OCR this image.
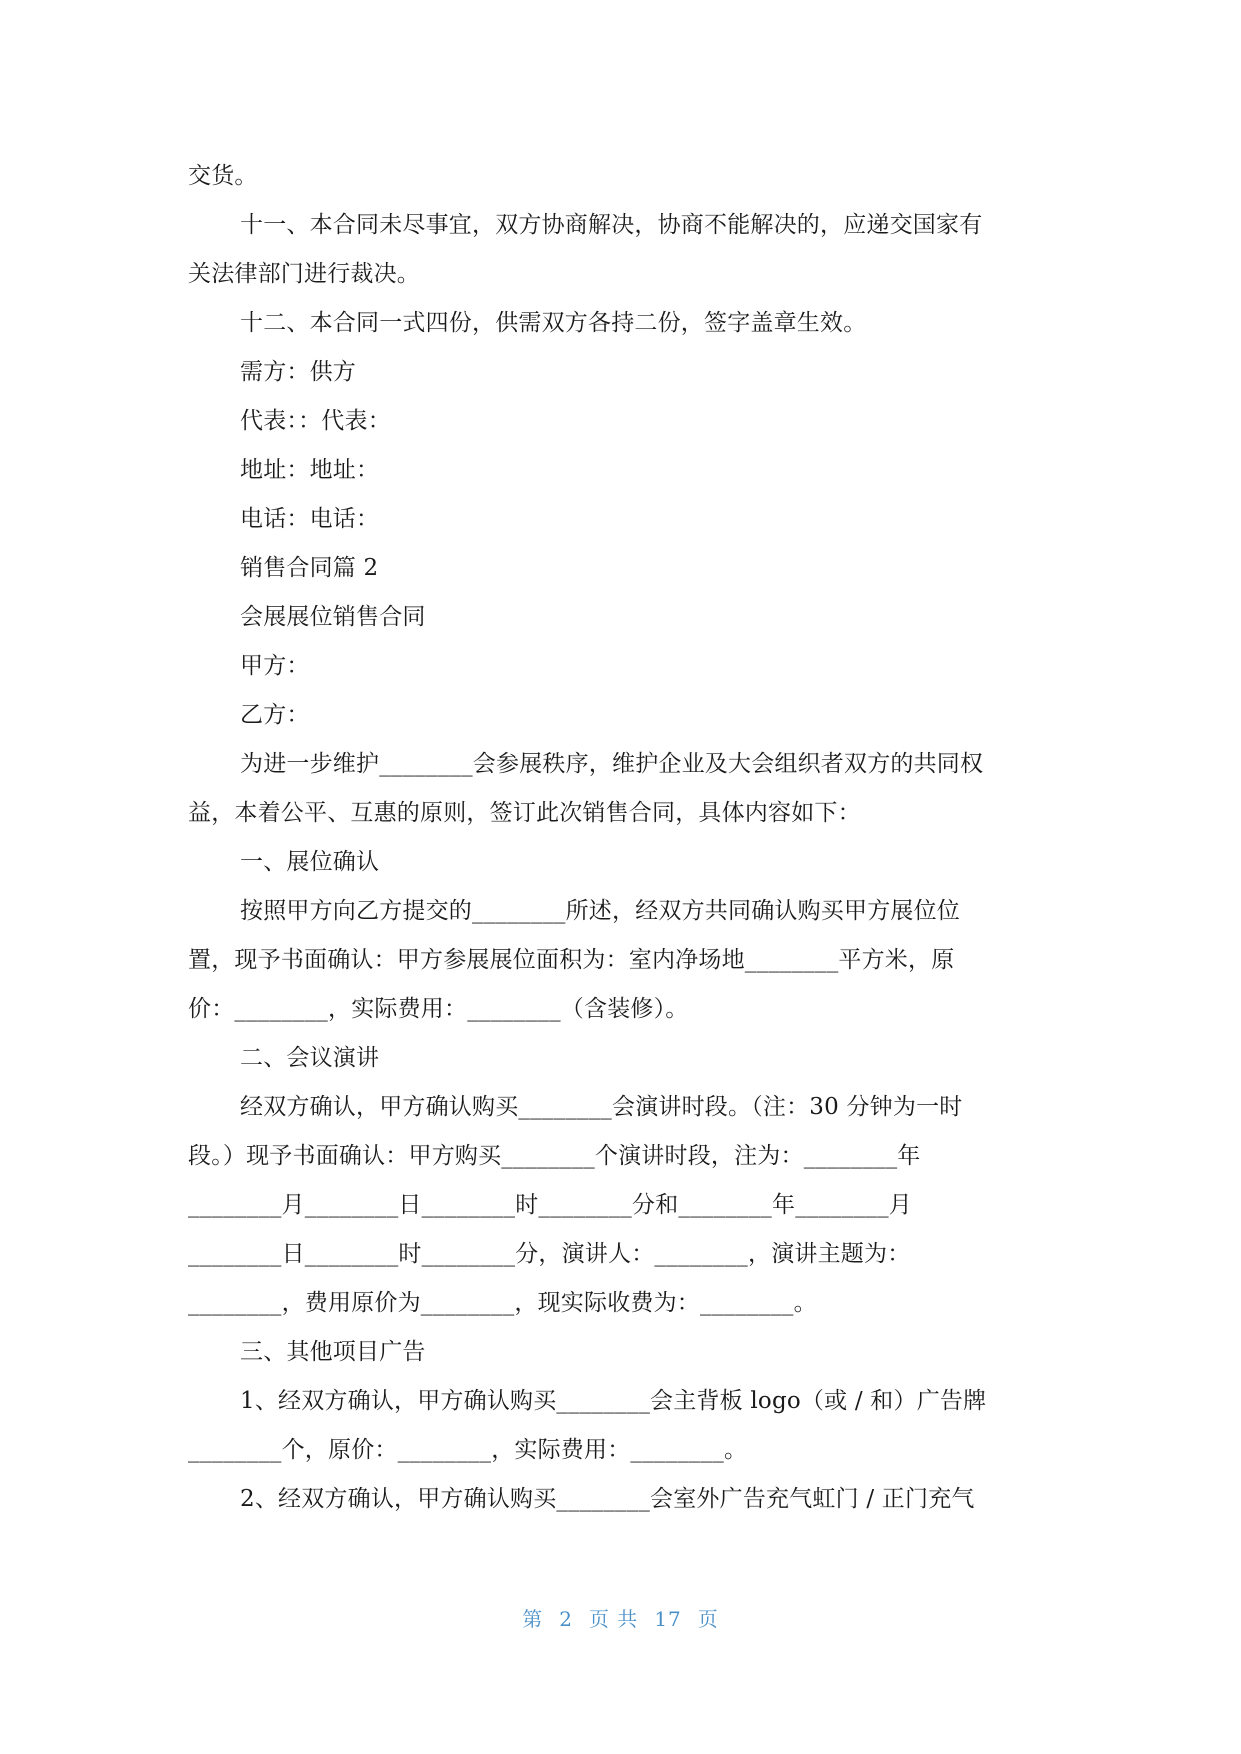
交货。
十一、本合同未尽事宜，双方协商解决，协商不能解决的，应递交国家有
关法律部门进行裁决。
十二、本合同一式四份，供需双方各持二份，签字盖章生效。
需方：供方
代表：：代表：
地址：地址：
电话：电话：
销售合同篇 2
会展展位销售合同
甲方：
乙方：
为进一步维护________会参展秩序，维护企业及大会组织者双方的共同权
益，本着公平、互惠的原则，签订此次销售合同，具体内容如下：
一、展位确认
按照甲方向乙方提交的________所述，经双方共同确认购买甲方展位位
置，现予书面确认：甲方参展展位面积为：室内净场地________平方米，原
价：________，实际费用：________（含装修）。
二、会议演讲
经双方确认，甲方确认购买________会演讲时段。（注：30 分钟为一时
段。）现予书面确认：甲方购买________个演讲时段，注为：________年
________月________日________时________分和________年________月
________日________时________分，演讲人：________，演讲主题为：
________，费用原价为________，现实际收费为：________。
三、其他项目广告
1、经双方确认，甲方确认购买________会主背板 logo（或 / 和）广告牌
________个，原价：________，实际费用：________。
2、经双方确认，甲方确认购买________会室外广告充气虹门 / 正门充气
第 2 页 共 17 页
